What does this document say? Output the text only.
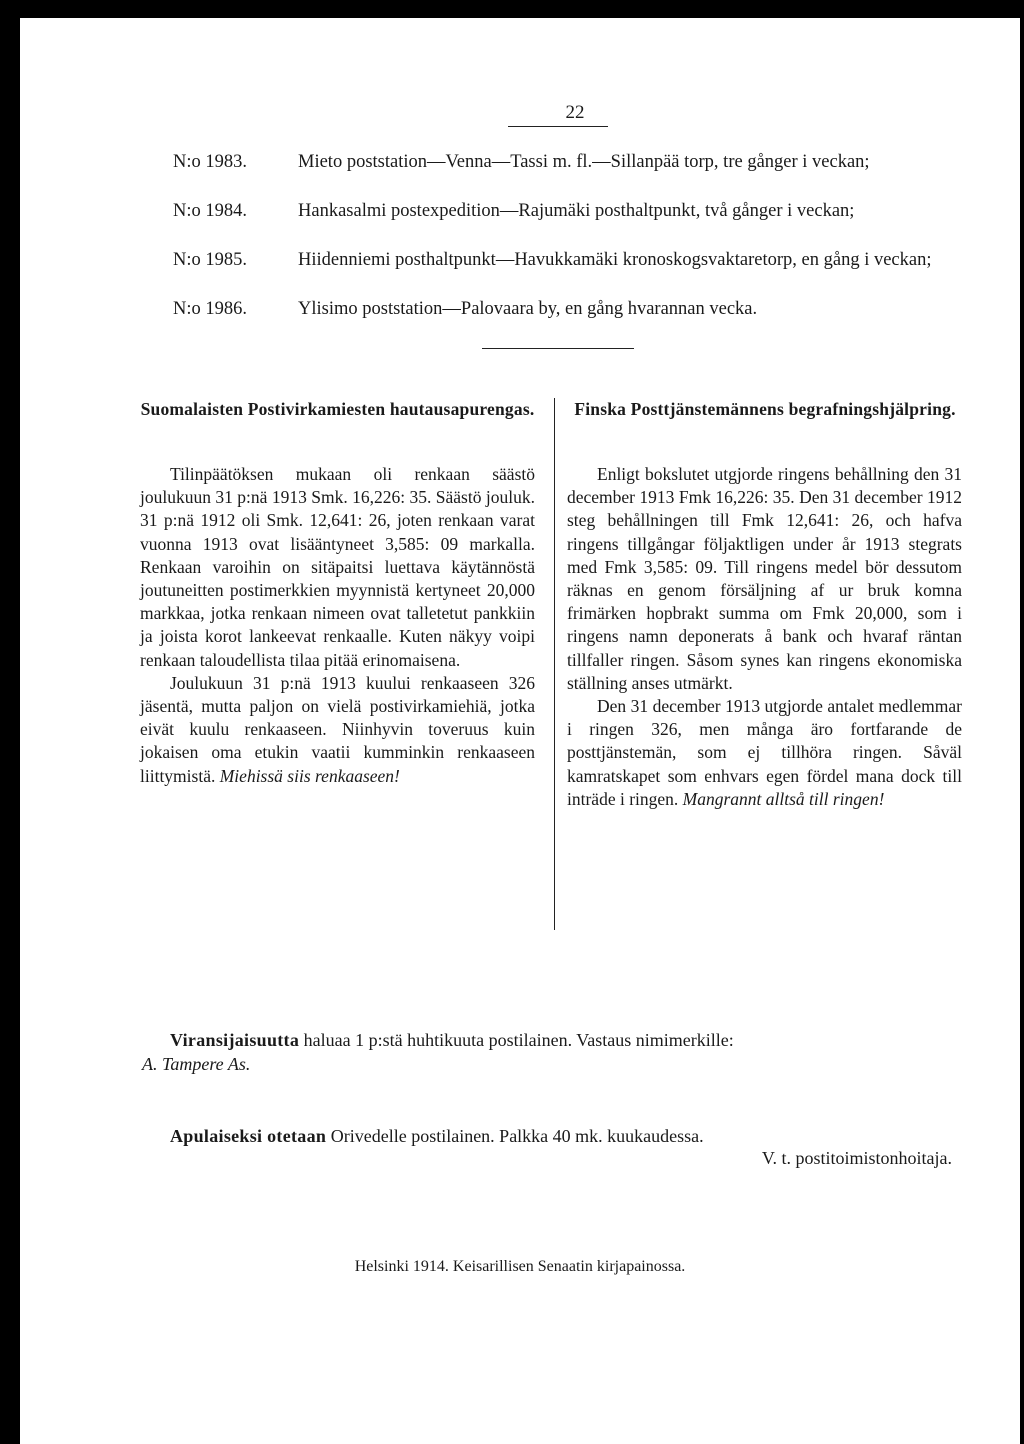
22
N:o 1983.	Mieto poststation—Venna—Tassi m. fl.—Sillanpää torp, tre gånger i veckan;
N:o 1984.	Hankasalmi postexpedition—Rajumäki posthaltpunkt, två gånger i veckan;
N:o 1985.	Hiidenniemi posthaltpunkt—Havukkamäki kronoskogsvaktaretorp, en gång i veckan;
N:o 1986.	Ylisimo poststation—Palovaara by, en gång hvarannan vecka.
Suomalaisten Postivirkamiesten hautausapurengas.	Finska Posttjänstemännens begrafningshjälpring.

Tilinpäätöksen mukaan oli renkaan säästö joulukuun 31 p:nä 1913 Smk. 16,226: 35. Säästö jouluk. 31 p:nä 1912 oli Smk. 12,641: 26, joten renkaan varat vuonna 1913 ovat lisääntyneet 3,585: 09 markalla. Renkaan varoihin on sitäpaitsi luettava käytännöstä joutuneitten postimerkkien myynnistä kertyneet 20,000 markkaa, jotka renkaan nimeen ovat talletetut pankkiin ja joista korot lankeevat renkaalle. Kuten näkyy voipi renkaan taloudellista tilaa pitää erinomaisena.

Joulukuun 31 p:nä 1913 kuului renkaaseen 326 jäsentä, mutta paljon on vielä postivirkamiehiä, jotka eivät kuulu renkaaseen. Niinhyvin toveruus kuin jokaisen oma etukin vaatii kumminkin renkaaseen liittymistä. Miehissä siis renkaaseen!

Enligt bokslutet utgjorde ringens behållning den 31 december 1913 Fmk 16,226: 35. Den 31 december 1912 steg behållningen till Fmk 12,641: 26, och hafva ringens tillgångar följaktligen under år 1913 stegrats med Fmk 3,585: 09. Till ringens medel bör dessutom räknas en genom försäljning af ur bruk komna frimärken hopbrakt summa om Fmk 20,000, som i ringens namn deponerats å bank och hvaraf räntan tillfaller ringen. Såsom synes kan ringens ekonomiska ställning anses utmärkt.

Den 31 december 1913 utgjorde antalet medlemmar i ringen 326, men många äro fortfarande de posttjänstemän, som ej tillhöra ringen. Såväl kamratskapet som enhvars egen fördel mana dock till inträde i ringen. Mangrannt alltså till ringen!

Viransijaisuutta haluaa 1 p:stä huhtikuuta postilainen. Vastaus nimimerkille:
A. Tampere As.
Apulaiseksi otetaan Orivedelle postilainen. Palkka 40 mk. kuukaudessa.
V. t. postitoimistonhoitaja.
Helsinki 1914. Keisarillisen Senaatin kirjapainossa.
